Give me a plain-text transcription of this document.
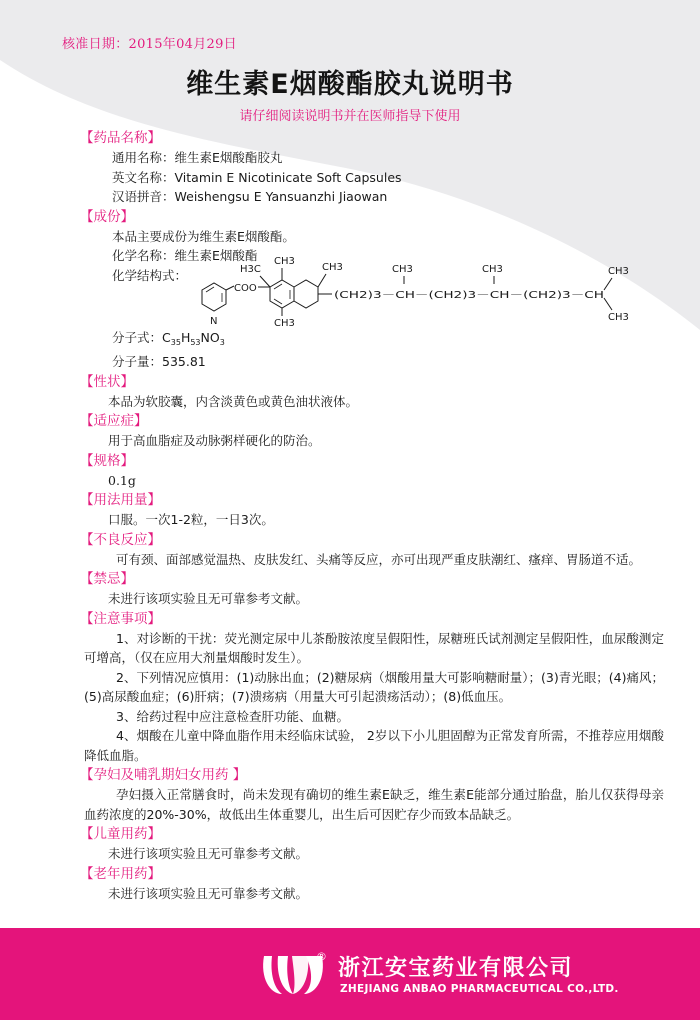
核准日期：2015年04月29日
维生素E烟酸酯胶丸说明书
请仔细阅读说明书并在医师指导下使用
【药品名称】
通用名称：维生素E烟酸酯胶丸
英文名称：Vitamin E Nicotinicate Soft Capsules
汉语拼音：Weishengsu E Yansuanzhi Jiaowan
【成份】
本品主要成份为维生素E烟酸酯。
化学名称：维生素E烟酸酯
化学结构式：
N
COO
H3C
CH3
CH3
CH3
(CH2)3－CH－(CH2)3－CH－(CH2)3－CH
CH3	CH3	CH3
CH3
分子式：$C_{35}H_{53}NO_3$
分子量：535.81
【性状】
本品为软胶囊，内含淡黄色或黄色油状液体。
【适应症】
用于高血脂症及动脉粥样硬化的防治。
【规格】
0.1g
【用法用量】
口服。一次1-2粒，一日3次。
【不良反应】
可有颈、面部感觉温热、皮肤发红、头痛等反应，亦可出现严重皮肤潮红、瘙痒、胃肠道不适。
【禁忌】
未进行该项实验且无可靠参考文献。
【注意事项】
1、对诊断的干扰：荧光测定尿中儿茶酚胺浓度呈假阳性，尿糖班氏试剂测定呈假阳性，血尿酸测定可增高，（仅在应用大剂量烟酸时发生）。
2、下列情况应慎用：(1)动脉出血；(2)糖尿病（烟酸用量大可影响糖耐量）；(3)青光眼；(4)痛风；(5)高尿酸血症；(6)肝病；(7)溃疡病（用量大可引起溃疡活动）；(8)低血压。
3、给药过程中应注意检查肝功能、血糖。
4、烟酸在儿童中降血脂作用未经临床试验， 2岁以下小儿胆固醇为正常发育所需，不推荐应用烟酸降低血脂。
【孕妇及哺乳期妇女用药 】
孕妇摄入正常膳食时，尚未发现有确切的维生素E缺乏，维生素E能部分通过胎盘，胎儿仅获得母亲血药浓度的20%-30%，故低出生体重婴儿，出生后可因贮存少而致本品缺乏。
【儿童用药】
未进行该项实验且无可靠参考文献。
【老年用药】
未进行该项实验且无可靠参考文献。
® 浙江安宝药业有限公司
ZHEJIANG ANBAO PHARMACEUTICAL CO.,LTD.
